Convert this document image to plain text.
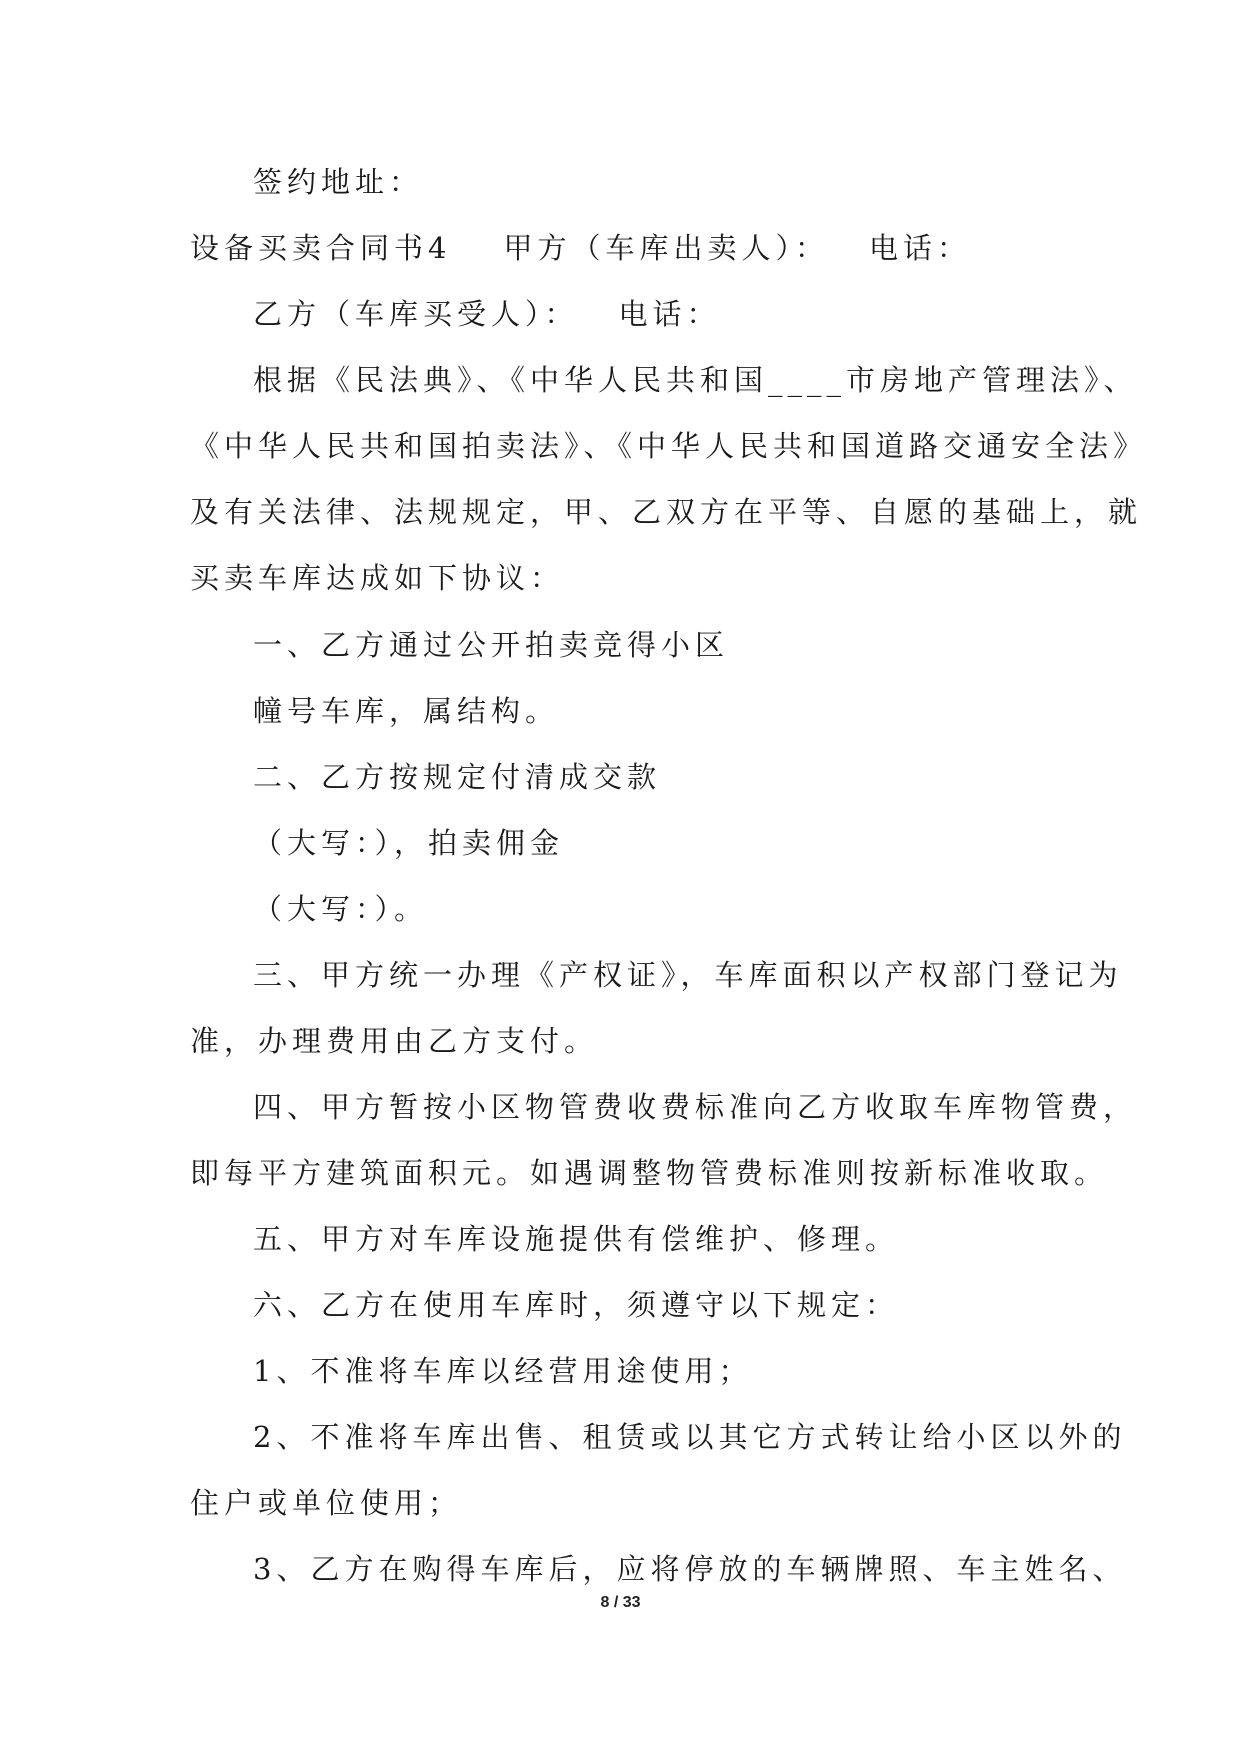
签约地址：
设备买卖合同书4 甲方（车库出卖人）： 电话：
乙方（车库买受人）： 电话：
根据《民法典》、《中华人民共和国____市房地产管理法》、
《中华人民共和国拍卖法》、《中华人民共和国道路交通安全法》
及有关法律、法规规定，甲、乙双方在平等、自愿的基础上，就
买卖车库达成如下协议：
一、乙方通过公开拍卖竞得小区
幢号车库，属结构。
二、乙方按规定付清成交款
（大写：），拍卖佣金
（大写：）。
三、甲方统一办理《产权证》，车库面积以产权部门登记为
准，办理费用由乙方支付。
四、甲方暂按小区物管费收费标准向乙方收取车库物管费，
即每平方建筑面积元。如遇调整物管费标准则按新标准收取。
五、甲方对车库设施提供有偿维护、修理。
六、乙方在使用车库时，须遵守以下规定：
1、不准将车库以经营用途使用；
2、不准将车库出售、租赁或以其它方式转让给小区以外的
住户或单位使用；
3、乙方在购得车库后，应将停放的车辆牌照、车主姓名、
8 / 33
